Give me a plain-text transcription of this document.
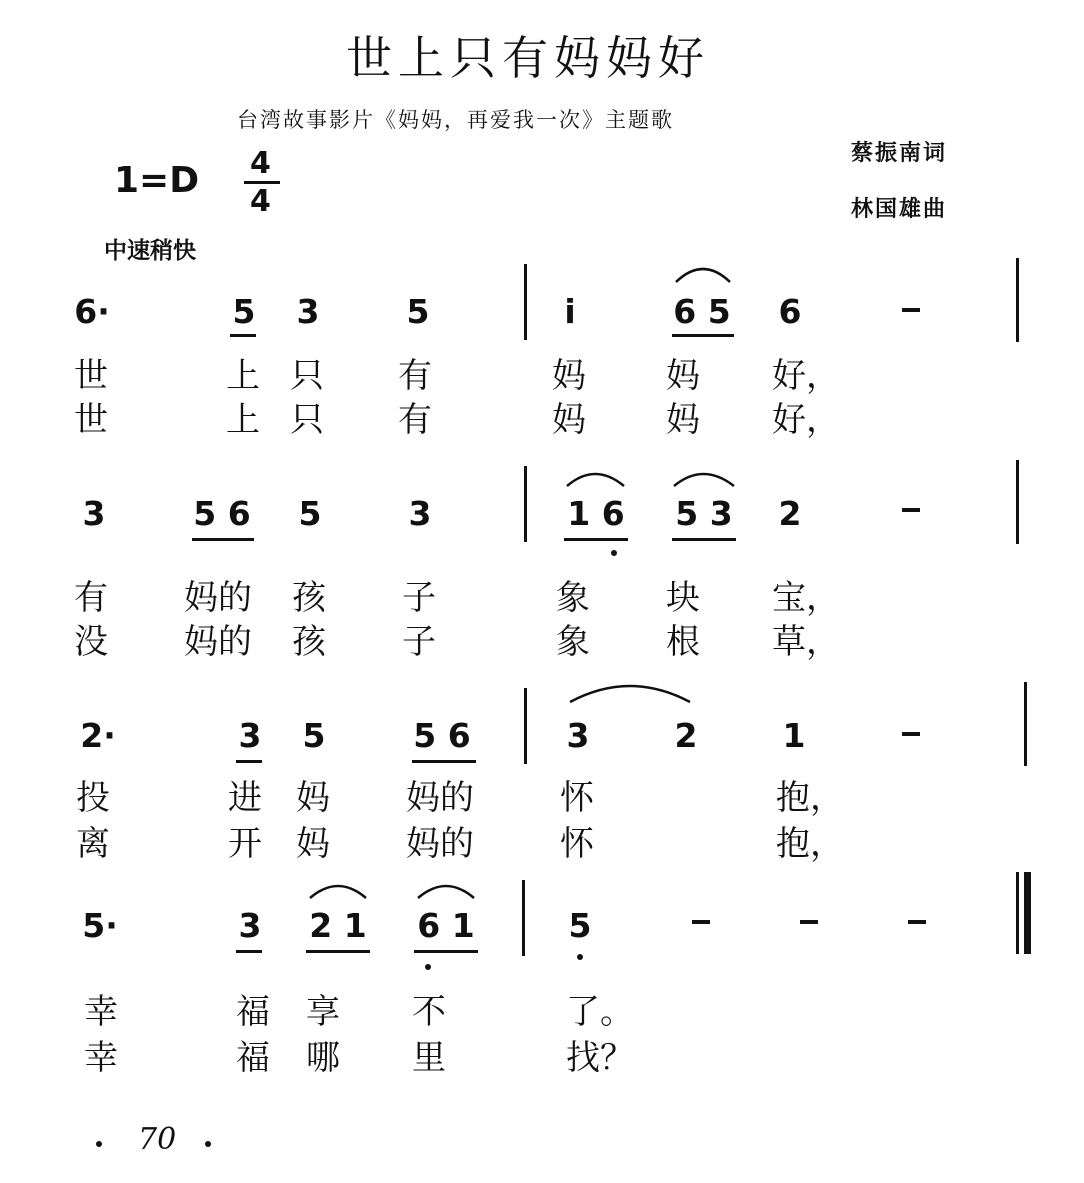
世上只有妈妈好
台湾故事影片《妈妈，再爱我一次》主题歌
蔡振南词
林国雄曲
1=D 4
4
中速稍快
6·	5 3	5	i	6 5 6
世	上 只 有	妈 妈 好，
世	上 只 有	妈 妈 好，
3	5 6 5	3	1 6 5 3 2
有 妈的 孩 子	象 块 宝，
没 妈的 孩 子	象 根 草，
2·	3 5	5 6	3	2	1
投	进 妈 妈的	怀	抱，
离	开 妈 妈的	怀	抱，
5·	3 2 1 6 1	5
幸	福 享 不	了。
幸	福 哪 里	找？
70
